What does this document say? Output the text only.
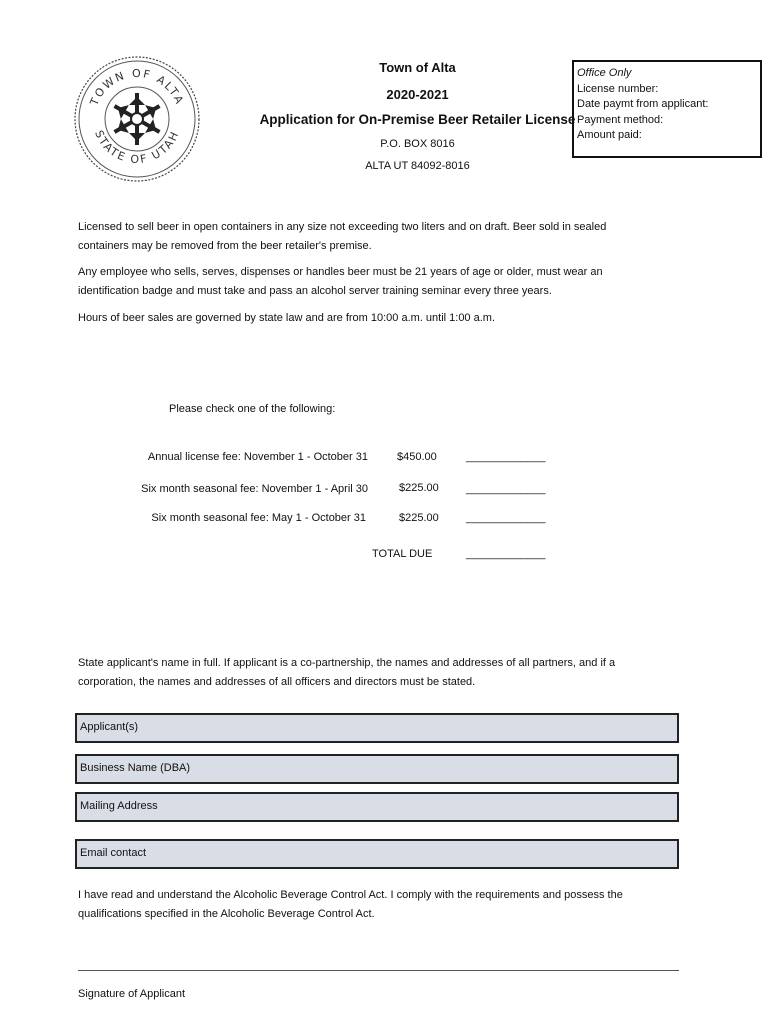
TOWN OF ALTA
STATE OF UTAH
Town of Alta
2020-2021
Application for On-Premise Beer Retailer License
P.O. BOX 8016
ALTA UT 84092-8016
Office Only
License number:
Date paymt from applicant:
Payment method:
Amount paid:
Licensed to sell beer in open containers in any size not exceeding two liters and on draft. Beer sold in sealed
containers may be removed from the beer retailer's premise.
Any employee who sells, serves, dispenses or handles beer must be 21 years of age or older, must wear an
identification badge and must take and pass an alcohol server training seminar every three years.
Hours of beer sales are governed by state law and are from 10:00 a.m. until 1:00 a.m.
Please check one of the following:
Annual license fee: November 1 - October 31	$450.00	_____________
Six month seasonal fee: November 1 - April 30	$225.00 _____________
Six month seasonal fee: May 1 - October 31	$225.00 _____________
TOTAL DUE	_____________
State applicant's name in full. If applicant is a co-partnership, the names and addresses of all partners, and if a
corporation, the names and addresses of all officers and directors must be stated.
Applicant(s)
Business Name (DBA)
Mailing Address
Email contact
I have read and understand the Alcoholic Beverage Control Act. I comply with the requirements and possess the
qualifications specified in the Alcoholic Beverage Control Act.
Signature of Applicant
